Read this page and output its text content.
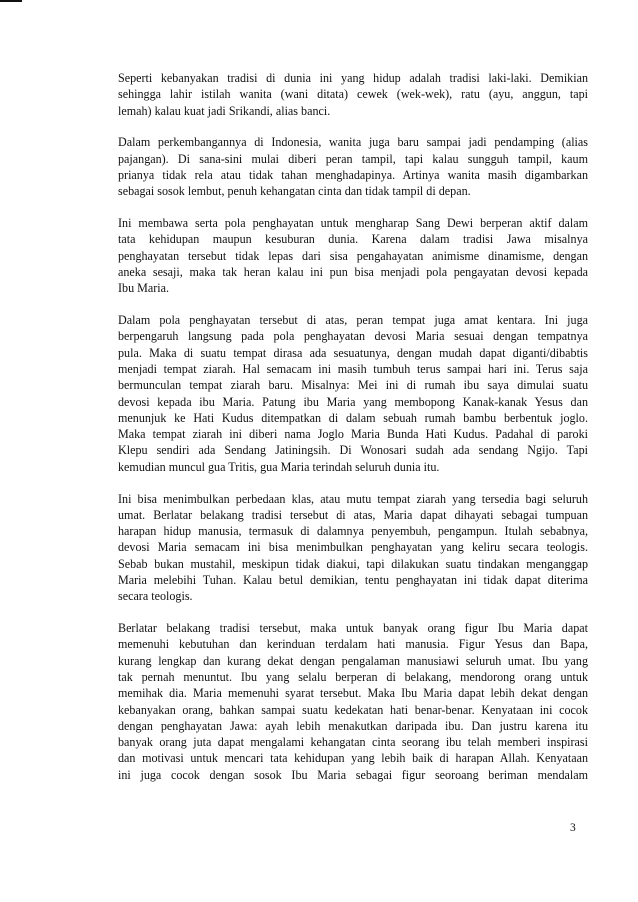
Seperti kebanyakan tradisi di dunia ini yang hidup adalah tradisi laki-laki. Demikian
sehingga lahir istilah wanita (wani ditata) cewek (wek-wek), ratu (ayu, anggun, tapi
lemah) kalau kuat jadi Srikandi, alias banci.

Dalam perkembangannya di Indonesia, wanita juga baru sampai jadi pendamping (alias
pajangan). Di sana-sini mulai diberi peran tampil, tapi kalau sungguh tampil, kaum
prianya tidak rela atau tidak tahan menghadapinya. Artinya wanita masih digambarkan
sebagai sosok lembut, penuh kehangatan cinta dan tidak tampil di depan.

Ini membawa serta pola penghayatan untuk mengharap Sang Dewi berperan aktif dalam
tata kehidupan maupun kesuburan dunia. Karena dalam tradisi Jawa misalnya
penghayatan tersebut tidak lepas dari sisa pengahayatan animisme dinamisme, dengan
aneka sesaji, maka tak heran kalau ini pun bisa menjadi pola pengayatan devosi kepada
Ibu Maria.

Dalam pola penghayatan tersebut di atas, peran tempat juga amat kentara. Ini juga
berpengaruh langsung pada pola penghayatan devosi Maria sesuai dengan tempatnya
pula. Maka di suatu tempat dirasa ada sesuatunya, dengan mudah dapat diganti/dibabtis
menjadi tempat ziarah. Hal semacam ini masih tumbuh terus sampai hari ini. Terus saja
bermunculan tempat ziarah baru. Misalnya: Mei ini di rumah ibu saya dimulai suatu
devosi kepada ibu Maria. Patung ibu Maria yang membopong Kanak-kanak Yesus dan
menunjuk ke Hati Kudus ditempatkan di dalam sebuah rumah bambu berbentuk joglo.
Maka tempat ziarah ini diberi nama Joglo Maria Bunda Hati Kudus. Padahal di paroki
Klepu sendiri ada Sendang Jatiningsih. Di Wonosari sudah ada sendang Ngijo. Tapi
kemudian muncul gua Tritis, gua Maria terindah seluruh dunia itu.

Ini bisa menimbulkan perbedaan klas, atau mutu tempat ziarah yang tersedia bagi seluruh
umat. Berlatar belakang tradisi tersebut di atas, Maria dapat dihayati sebagai tumpuan
harapan hidup manusia, termasuk di dalamnya penyembuh, pengampun. Itulah sebabnya,
devosi Maria semacam ini bisa menimbulkan penghayatan yang keliru secara teologis.
Sebab bukan mustahil, meskipun tidak diakui, tapi dilakukan suatu tindakan menganggap
Maria melebihi Tuhan. Kalau betul demikian, tentu penghayatan ini tidak dapat diterima
secara teologis.

Berlatar belakang tradisi tersebut, maka untuk banyak orang figur Ibu Maria dapat
memenuhi kebutuhan dan kerinduan terdalam hati manusia. Figur Yesus dan Bapa,
kurang lengkap dan kurang dekat dengan pengalaman manusiawi seluruh umat. Ibu yang
tak pernah menuntut. Ibu yang selalu berperan di belakang, mendorong orang untuk
memihak dia. Maria memenuhi syarat tersebut. Maka Ibu Maria dapat lebih dekat dengan
kebanyakan orang, bahkan sampai suatu kedekatan hati benar-benar. Kenyataan ini cocok
dengan penghayatan Jawa: ayah lebih menakutkan daripada ibu. Dan justru karena itu
banyak orang juta dapat mengalami kehangatan cinta seorang ibu telah memberi inspirasi
dan motivasi untuk mencari tata kehidupan yang lebih baik di harapan Allah. Kenyataan
ini juga cocok dengan sosok Ibu Maria sebagai figur seoroang beriman mendalam

3
